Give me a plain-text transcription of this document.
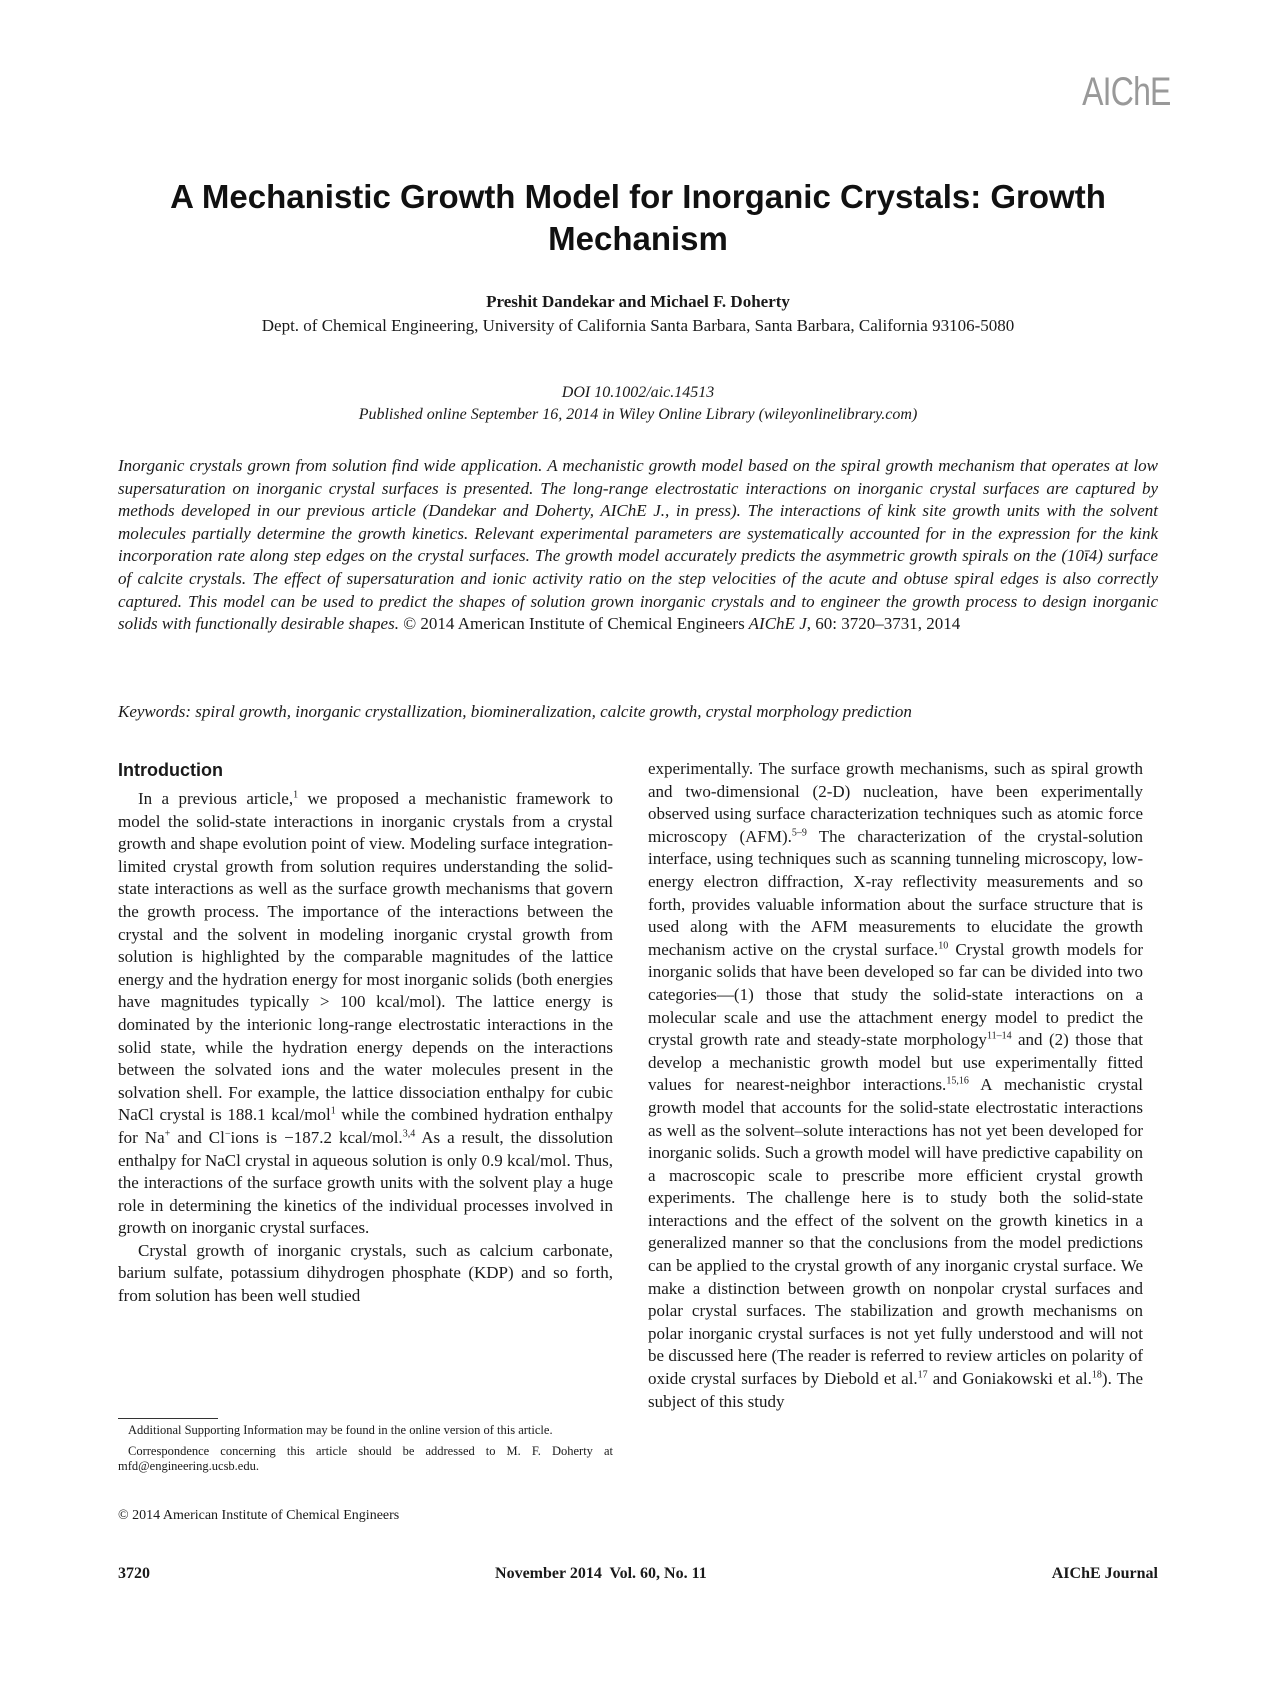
AIChE
A Mechanistic Growth Model for Inorganic Crystals: Growth Mechanism
Preshit Dandekar and Michael F. Doherty
Dept. of Chemical Engineering, University of California Santa Barbara, Santa Barbara, California 93106-5080
DOI 10.1002/aic.14513
Published online September 16, 2014 in Wiley Online Library (wileyonlinelibrary.com)

Inorganic crystals grown from solution find wide application. A mechanistic growth model based on the spiral growth mechanism that operates at low supersaturation on inorganic crystal surfaces is presented. The long-range electrostatic interactions on inorganic crystal surfaces are captured by methods developed in our previous article (Dandekar and Doherty, AIChE J., in press). The interactions of kink site growth units with the solvent molecules partially determine the growth kinetics. Relevant experimental parameters are systematically accounted for in the expression for the kink incorporation rate along step edges on the crystal surfaces. The growth model accurately predicts the asymmetric growth spirals on the (10ī4) surface of calcite crystals. The effect of supersaturation and ionic activity ratio on the step velocities of the acute and obtuse spiral edges is also correctly captured. This model can be used to predict the shapes of solution grown inorganic crystals and to engineer the growth process to design inorganic solids with functionally desirable shapes. © 2014 American Institute of Chemical Engineers AIChE J, 60: 3720–3731, 2014

Keywords: spiral growth, inorganic crystallization, biomineralization, calcite growth, crystal morphology prediction

Introduction

In a previous article,$^1$ we proposed a mechanistic framework to model the solid-state interactions in inorganic crystals from a crystal growth and shape evolution point of view. Modeling surface integration-limited crystal growth from solution requires understanding the solid-state interactions as well as the surface growth mechanisms that govern the growth process. The importance of the interactions between the crystal and the solvent in modeling inorganic crystal growth from solution is highlighted by the comparable magnitudes of the lattice energy and the hydration energy for most inorganic solids (both energies have magnitudes typically > 100 kcal/mol). The lattice energy is dominated by the interionic long-range electrostatic interactions in the solid state, while the hydration energy depends on the interactions between the solvated ions and the water molecules present in the solvation shell. For example, the lattice dissociation enthalpy for cubic NaCl crystal is 188.1 kcal/mol$^1$ while the combined hydration enthalpy for Na+ and Cl−ions is −187.2 kcal/mol.$^{3,4}$ As a result, the dissolution enthalpy for NaCl crystal in aqueous solution is only 0.9 kcal/mol. Thus, the interactions of the surface growth units with the solvent play a huge role in determining the kinetics of the individual processes involved in growth on inorganic crystal surfaces.

Crystal growth of inorganic crystals, such as calcium carbonate, barium sulfate, potassium dihydrogen phosphate (KDP) and so forth, from solution has been well studied

experimentally. The surface growth mechanisms, such as spiral growth and two-dimensional (2-D) nucleation, have been experimentally observed using surface characterization techniques such as atomic force microscopy (AFM).$^{5-9}$ The characterization of the crystal-solution interface, using techniques such as scanning tunneling microscopy, low-energy electron diffraction, X-ray reflectivity measurements and so forth, provides valuable information about the surface structure that is used along with the AFM measurements to elucidate the growth mechanism active on the crystal surface.$^{10}$ Crystal growth models for inorganic solids that have been developed so far can be divided into two categories—(1) those that study the solid-state interactions on a molecular scale and use the attachment energy model to predict the crystal growth rate and steady-state morphology$^{11-14}$ and (2) those that develop a mechanistic growth model but use experimentally fitted values for nearest-neighbor interactions.$^{15,16}$ A mechanistic crystal growth model that accounts for the solid-state electrostatic interactions as well as the solvent–solute interactions has not yet been developed for inorganic solids. Such a growth model will have predictive capability on a macroscopic scale to prescribe more efficient crystal growth experiments. The challenge here is to study both the solid-state interactions and the effect of the solvent on the growth kinetics in a generalized manner so that the conclusions from the model predictions can be applied to the crystal growth of any inorganic crystal surface. We make a distinction between growth on nonpolar crystal surfaces and polar crystal surfaces. The stabilization and growth mechanisms on polar inorganic crystal surfaces is not yet fully understood and will not be discussed here (The reader is referred to review articles on polarity of oxide crystal surfaces by Diebold et al.$^{17}$ and Goniakowski et al.$^{18}$). The subject of this study

Additional Supporting Information may be found in the online version of this article.

Correspondence concerning this article should be addressed to M. F. Doherty at mfd@engineering.ucsb.edu.

© 2014 American Institute of Chemical Engineers
3720	November 2014  Vol. 60, No. 11	AIChE Journal
